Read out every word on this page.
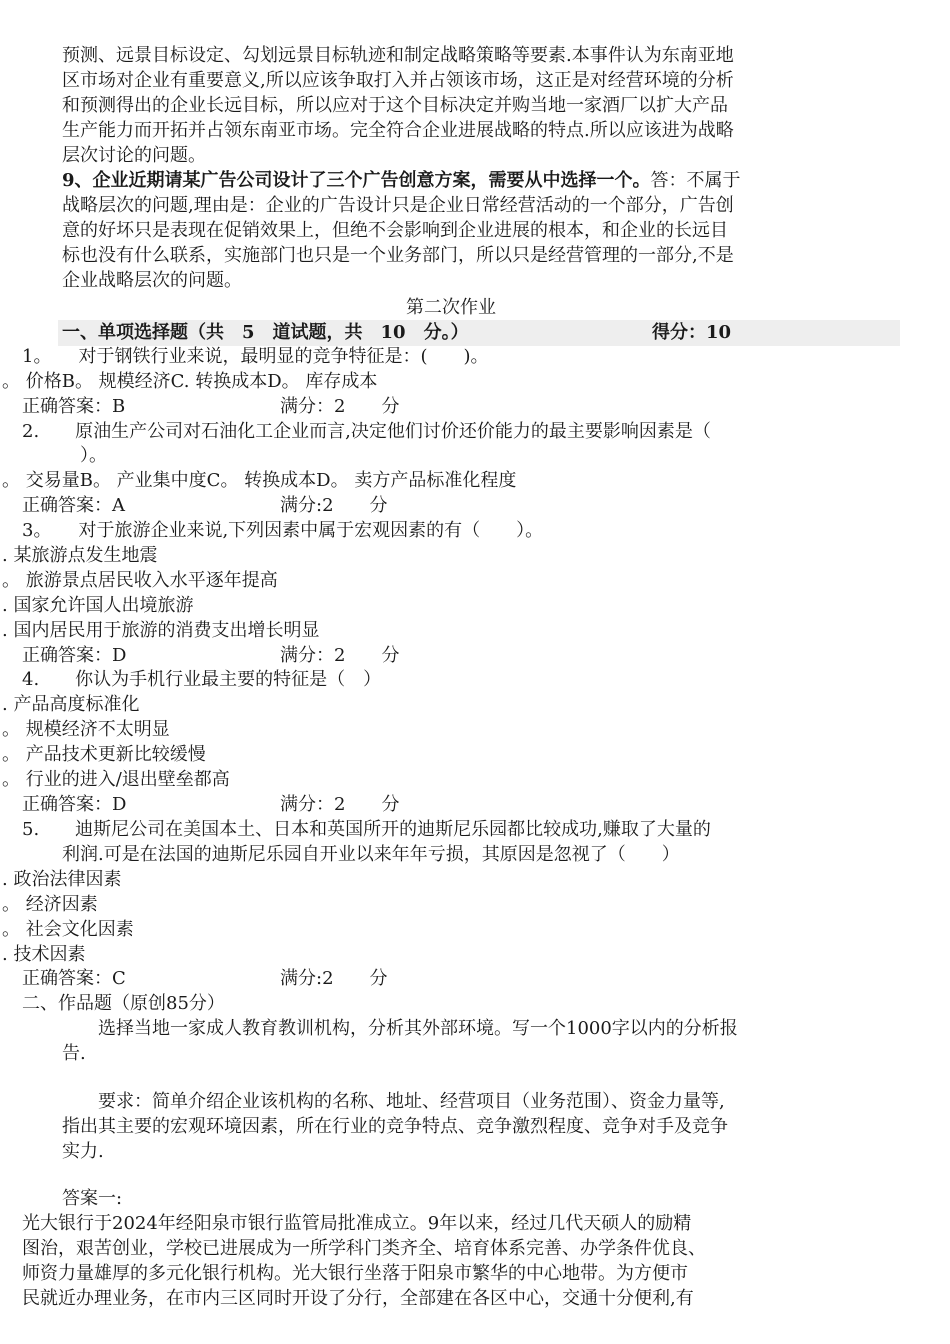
预测、远景目标设定、勾划远景目标轨迹和制定战略策略等要素.本事件认为东南亚地
区市场对企业有重要意义,所以应该争取打入并占领该市场，这正是对经营环境的分析
和预测得出的企业长远目标，所以应对于这个目标决定并购当地一家酒厂以扩大产品
生产能力而开拓并占领东南亚市场。完全符合企业进展战略的特点.所以应该进为战略
层次讨论的问题。
9、企业近期请某广告公司设计了三个广告创意方案，需要从中选择一个。答：不属于
战略层次的问题,理由是：企业的广告设计只是企业日常经营活动的一个部分，广告创
意的好坏只是表现在促销效果上，但绝不会影响到企业进展的根本，和企业的长远目
标也没有什么联系，实施部门也只是一个业务部门，所以只是经营管理的一部分,不是
企业战略层次的问题。
第二次作业
一、单项选择题（共　5　道试题，共　10　分。）	得分：10
1。　　对于钢铁行业来说，最明显的竞争特征是：(　　)。
。 价格B。 规模经济C. 转换成本D。 库存成本
正确答案：B	满分：2　　分
2.　　原油生产公司对石油化工企业而言,决定他们讨价还价能力的最主要影响因素是（
　）。
。 交易量B。 产业集中度C。 转换成本D。 卖方产品标准化程度
正确答案：A	满分:2　　分
3。　　对于旅游企业来说,下列因素中属于宏观因素的有（　　）。
. 某旅游点发生地震
。 旅游景点居民收入水平逐年提高
. 国家允许国人出境旅游
. 国内居民用于旅游的消费支出增长明显
正确答案：D	满分：2　　分
4.　　你认为手机行业最主要的特征是（　）
. 产品高度标准化
。 规模经济不太明显
。 产品技术更新比较缓慢
。 行业的进入/退出壁垒都高
正确答案：D	满分：2　　分
5.　　迪斯尼公司在美国本土、日本和英国所开的迪斯尼乐园都比较成功,赚取了大量的
利润.可是在法国的迪斯尼乐园自开业以来年年亏损，其原因是忽视了（　　）
. 政治法律因素
。 经济因素
。 社会文化因素
. 技术因素
正确答案：C	满分:2　　分
二、作品题（原创85分）
　　选择当地一家成人教育教训机构，分析其外部环境。写一个1000字以内的分析报
告.
　　要求：简单介绍企业该机构的名称、地址、经营项目（业务范围）、资金力量等,
指出其主要的宏观环境因素，所在行业的竞争特点、竞争激烈程度、竞争对手及竞争
实力.
答案一:
光大银行于2024年经阳泉市银行监管局批准成立。9年以来，经过几代天硕人的励精
图治，艰苦创业，学校已进展成为一所学科门类齐全、培育体系完善、办学条件优良、
师资力量雄厚的多元化银行机构。光大银行坐落于阳泉市繁华的中心地带。为方便市
民就近办理业务，在市内三区同时开设了分行，全部建在各区中心，交通十分便利,有
